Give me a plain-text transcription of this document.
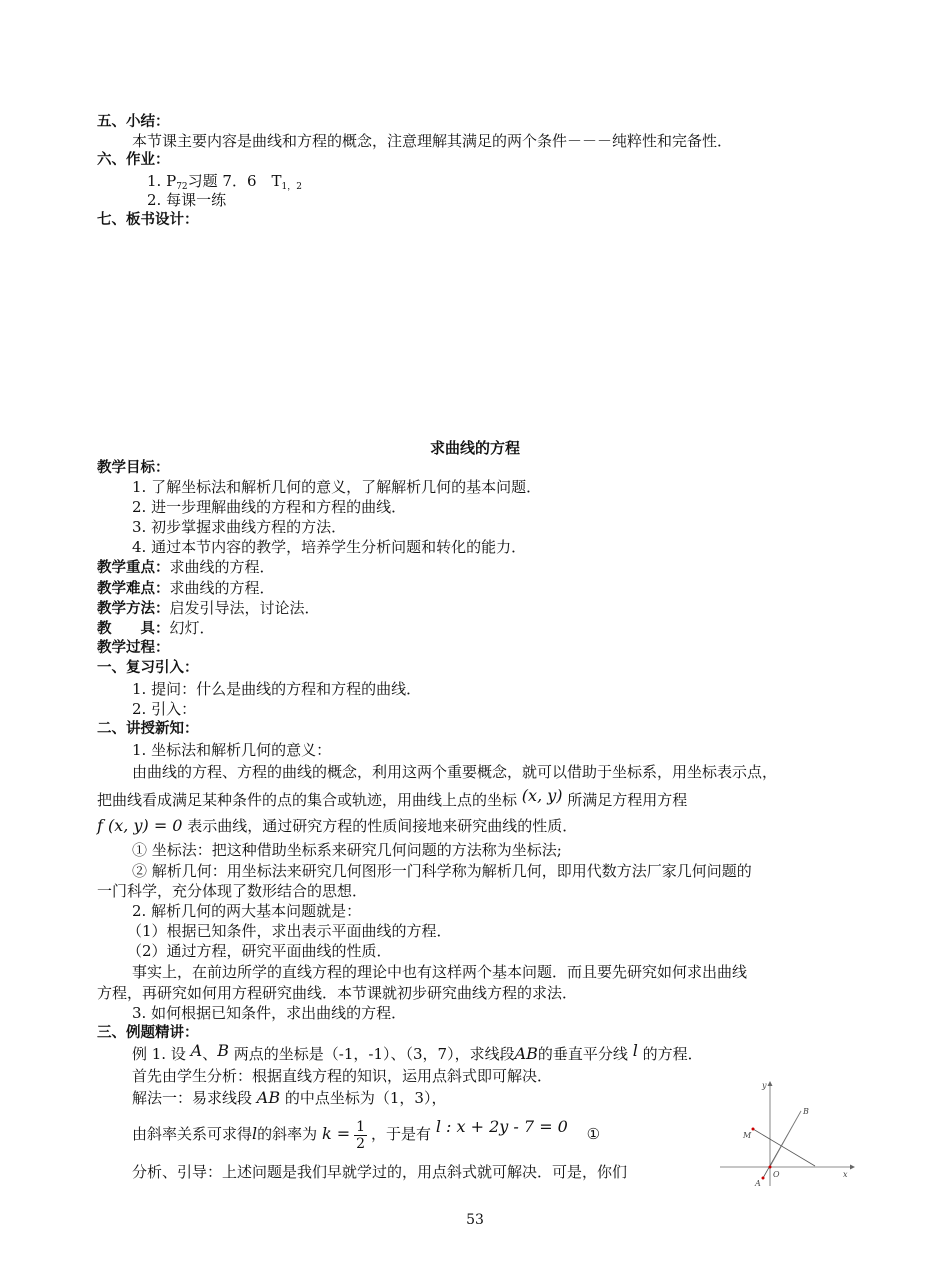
五、小结：
本节课主要内容是曲线和方程的概念，注意理解其满足的两个条件－－－纯粹性和完备性．
六、作业：
1. $P_{72}$习题 7．6　$T_{1,2}$
2. 每课一练
七、板书设计：
求曲线的方程
教学目标：
1. 了解坐标法和解析几何的意义，了解解析几何的基本问题．
2. 进一步理解曲线的方程和方程的曲线．
3. 初步掌握求曲线方程的方法．
4. 通过本节内容的教学，培养学生分析问题和转化的能力．
教学重点：求曲线的方程．
教学难点：求曲线的方程．
教学方法：启发引导法，讨论法．
教　　具：幻灯．
教学过程：
一、复习引入：
1. 提问：什么是曲线的方程和方程的曲线．
2. 引入：
二、讲授新知：
1. 坐标法和解析几何的意义：
由曲线的方程、方程的曲线的概念，利用这两个重要概念，就可以借助于坐标系，用坐标表示点，
把曲线看成满足某种条件的点的集合或轨迹，用曲线上点的坐标 (x, y) 所满足方程用方程
f (x, y) = 0 表示曲线，通过研究方程的性质间接地来研究曲线的性质．
① 坐标法：把这种借助坐标系来研究几何问题的方法称为坐标法;
② 解析几何：用坐标法来研究几何图形一门科学称为解析几何，即用代数方法厂家几何问题的
一门科学，充分体现了数形结合的思想．
2. 解析几何的两大基本问题就是：
（1）根据已知条件，求出表示平面曲线的方程．
（2）通过方程，研究平面曲线的性质．
事实上，在前边所学的直线方程的理论中也有这样两个基本问题．而且要先研究如何求出曲线
方程，再研究如何用方程研究曲线．本节课就初步研究曲线方程的求法．
3. 如何根据已知条件，求出曲线的方程．
三、例题精讲：
例 1. 设 A、B 两点的坐标是（-1，-1）、（3，7），求线段AB的垂直平分线 l 的方程．
首先由学生分析：根据直线方程的知识，运用点斜式即可解决．
解法一：易求线段 AB 的中点坐标为（1，3），
由斜率关系可求得l的斜率为 $k = \frac{1}{2}$ ，于是有 l : x + 2y - 7 = 0 ①
分析、引导：上述问题是我们早就学过的，用点斜式就可解决．可是，你们
y
x
B
M
O
A
53
